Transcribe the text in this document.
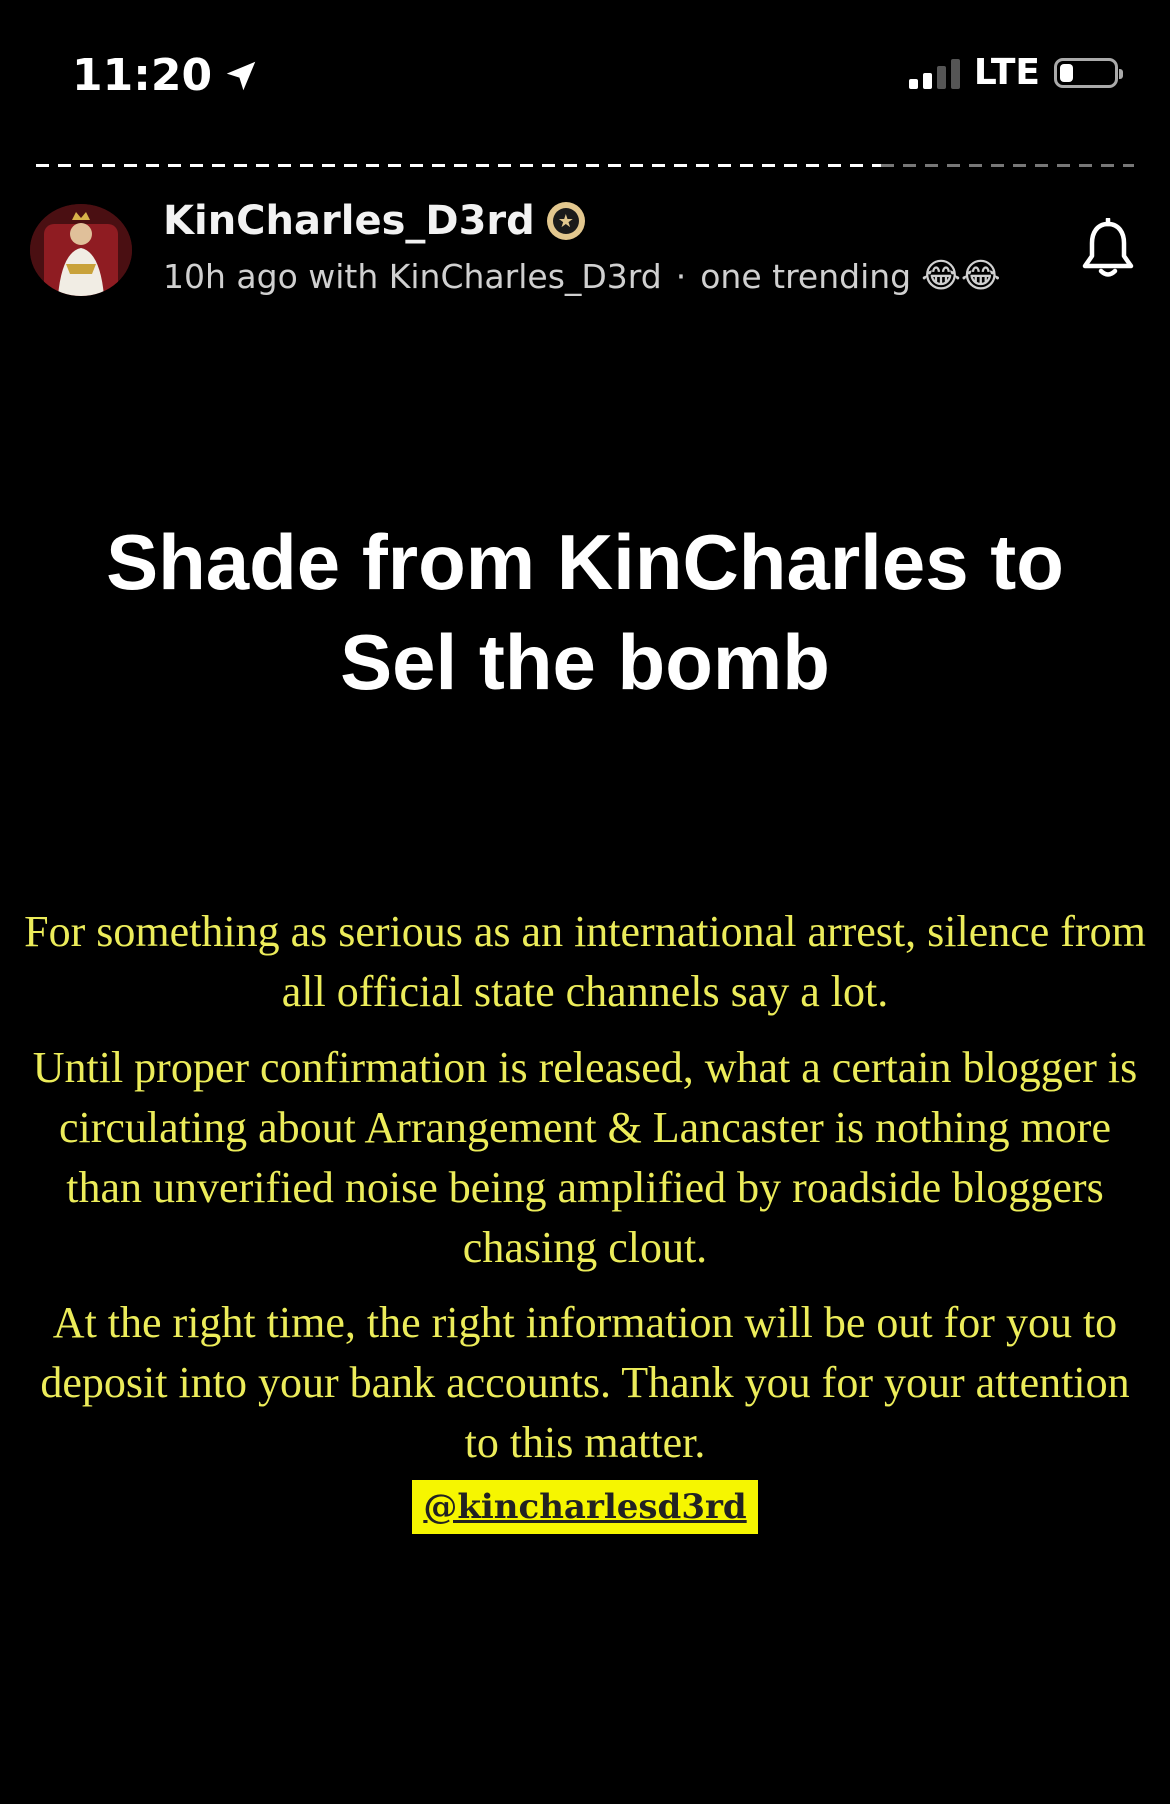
11:20	LTE
KinCharles_D3rd ★
10h ago with KinCharles_D3rd · one trending 😂😂
Shade from KinCharles to Sel the bomb
For something as serious as an international arrest, silence from all official state channels say a lot.
Until proper confirmation is released, what a certain blogger is circulating about Arrangement & Lancaster is nothing more than unverified noise being amplified by roadside bloggers chasing clout.
At the right time, the right information will be out for you to deposit into your bank accounts. Thank you for your attention to this matter.
@kincharlesd3rd
